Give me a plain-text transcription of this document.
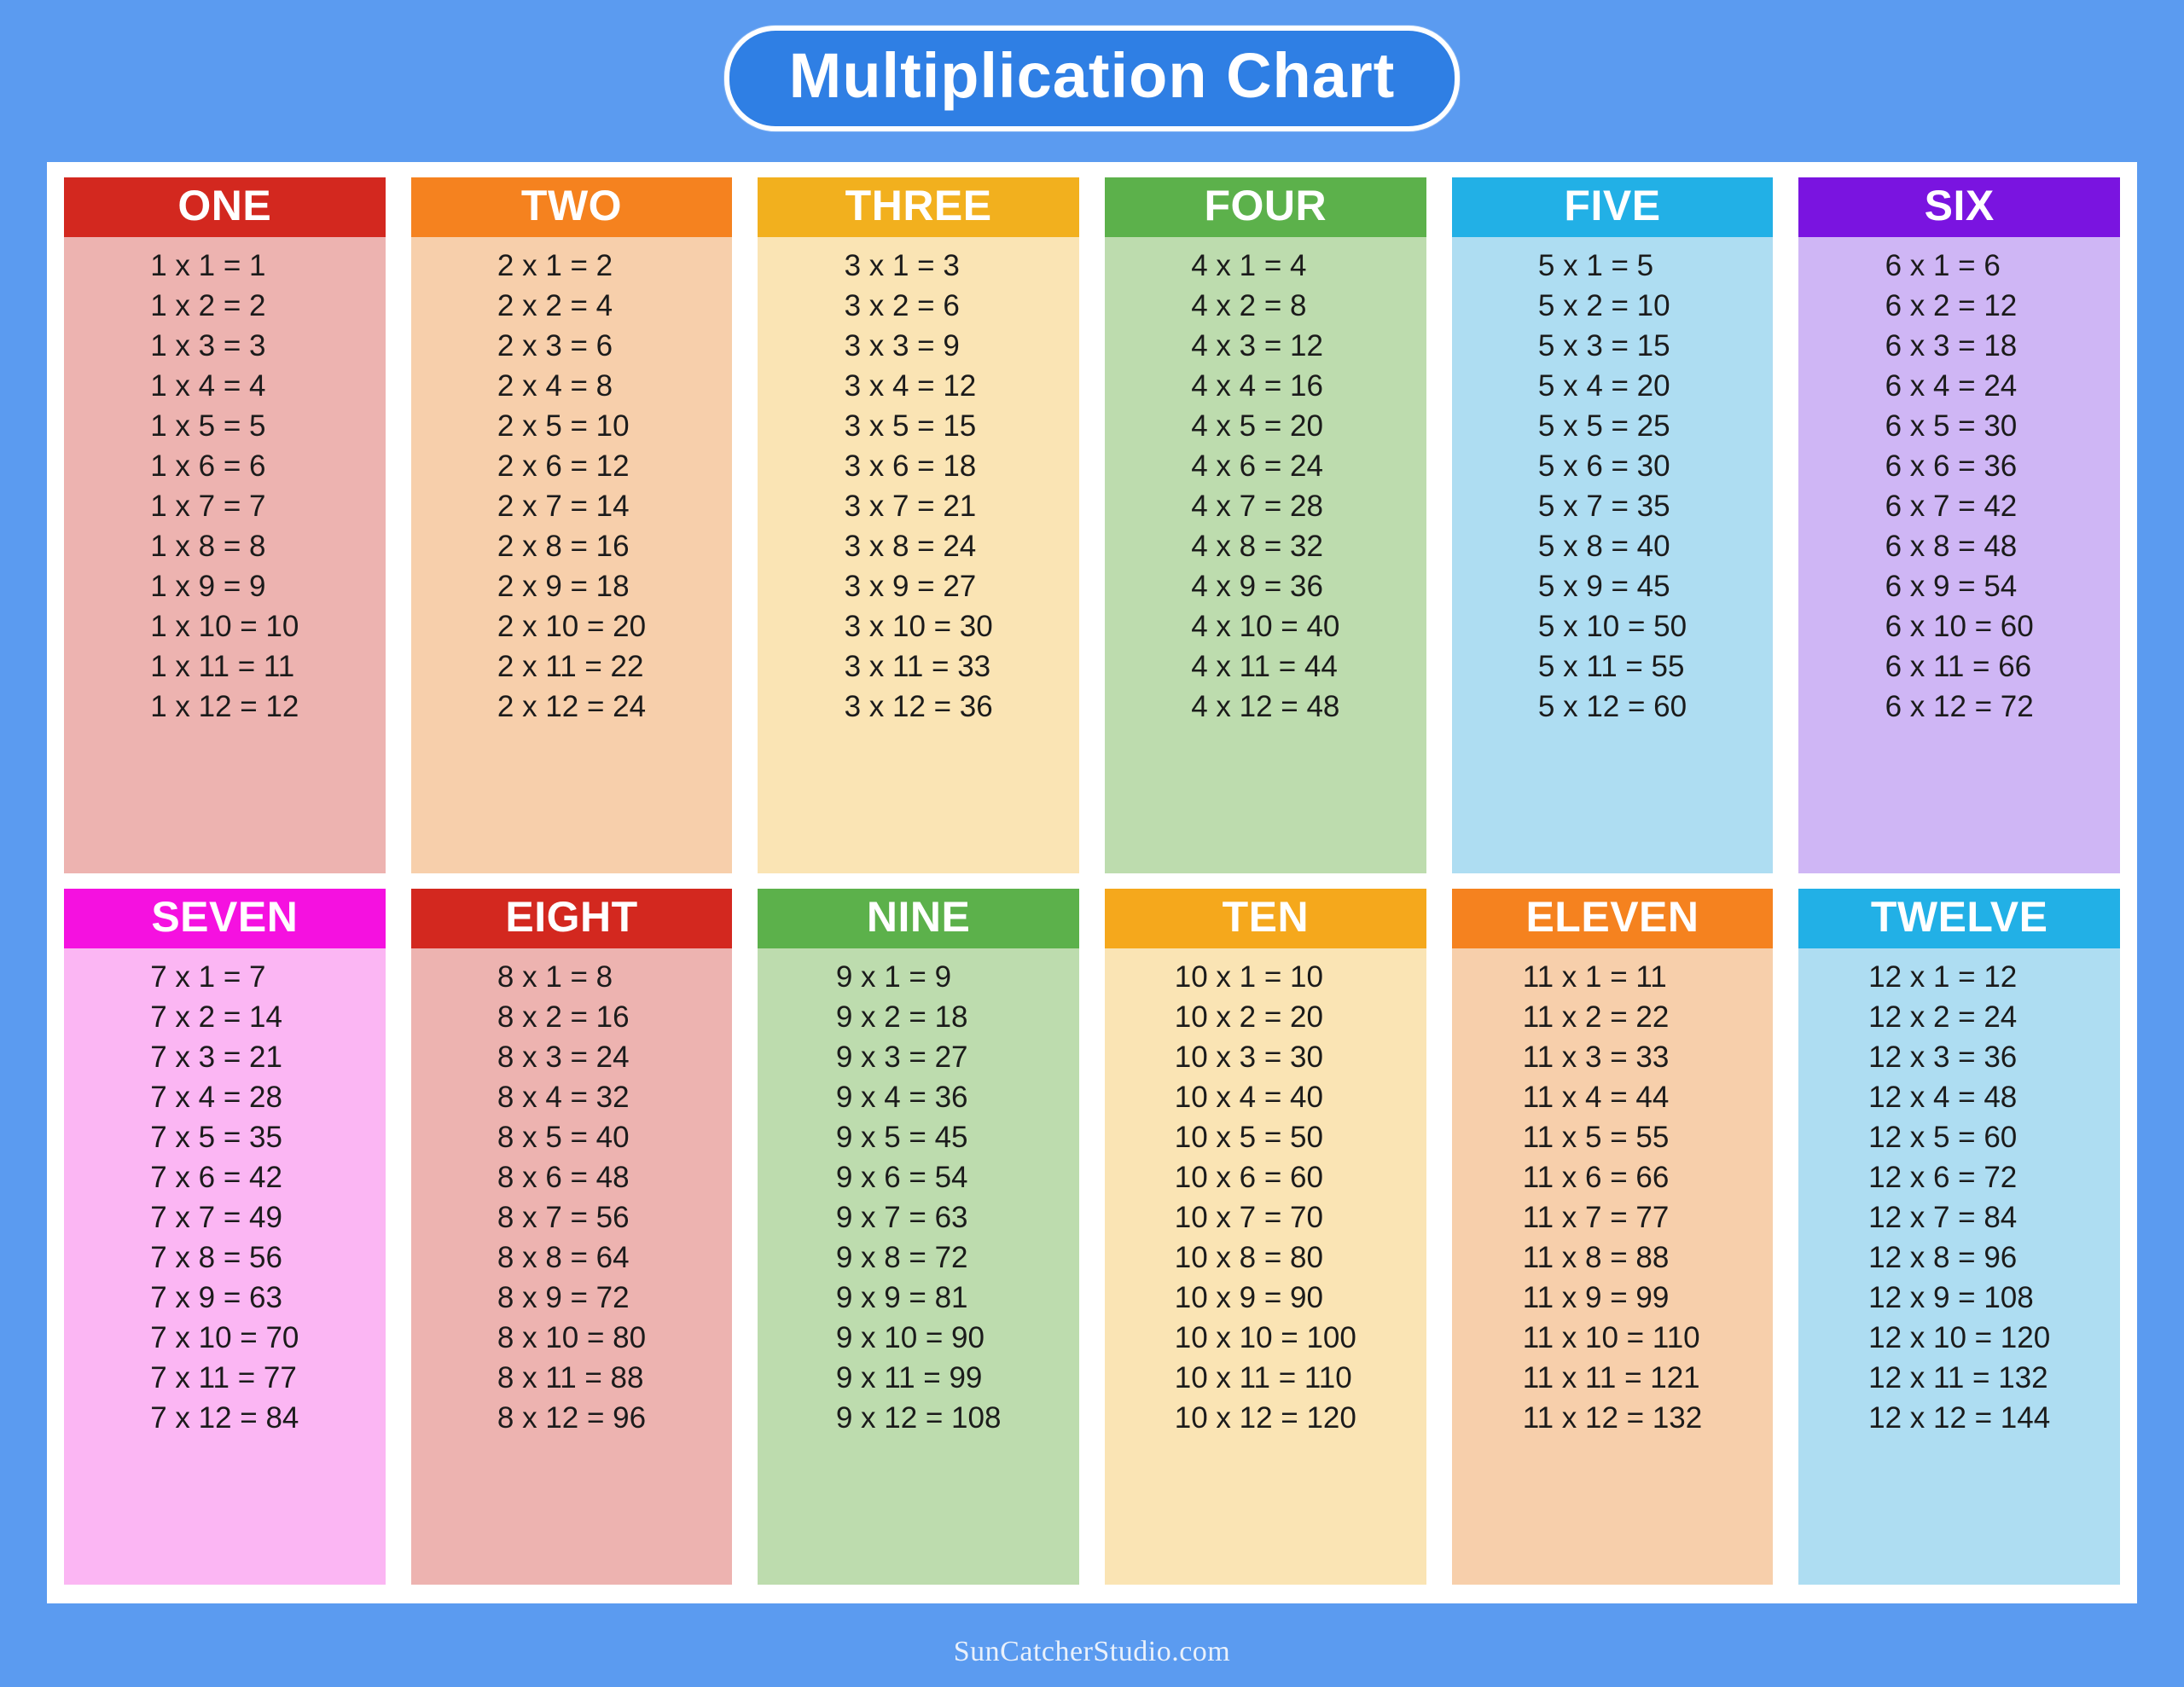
Multiplication Chart
ONE
1 x 1 = 1
1 x 2 = 2
1 x 3 = 3
1 x 4 = 4
1 x 5 = 5
1 x 6 = 6
1 x 7 = 7
1 x 8 = 8
1 x 9 = 9
1 x 10 = 10
1 x 11 = 11
1 x 12 = 12
TWO
2 x 1 = 2
2 x 2 = 4
2 x 3 = 6
2 x 4 = 8
2 x 5 = 10
2 x 6 = 12
2 x 7 = 14
2 x 8 = 16
2 x 9 = 18
2 x 10 = 20
2 x 11 = 22
2 x 12 = 24
THREE
3 x 1 = 3
3 x 2 = 6
3 x 3 = 9
3 x 4 = 12
3 x 5 = 15
3 x 6 = 18
3 x 7 = 21
3 x 8 = 24
3 x 9 = 27
3 x 10 = 30
3 x 11 = 33
3 x 12 = 36
FOUR
4 x 1 = 4
4 x 2 = 8
4 x 3 = 12
4 x 4 = 16
4 x 5 = 20
4 x 6 = 24
4 x 7 = 28
4 x 8 = 32
4 x 9 = 36
4 x 10 = 40
4 x 11 = 44
4 x 12 = 48
FIVE
5 x 1 = 5
5 x 2 = 10
5 x 3 = 15
5 x 4 = 20
5 x 5 = 25
5 x 6 = 30
5 x 7 = 35
5 x 8 = 40
5 x 9 = 45
5 x 10 = 50
5 x 11 = 55
5 x 12 = 60
SIX
6 x 1 = 6
6 x 2 = 12
6 x 3 = 18
6 x 4 = 24
6 x 5 = 30
6 x 6 = 36
6 x 7 = 42
6 x 8 = 48
6 x 9 = 54
6 x 10 = 60
6 x 11 = 66
6 x 12 = 72
SEVEN
7 x 1 = 7
7 x 2 = 14
7 x 3 = 21
7 x 4 = 28
7 x 5 = 35
7 x 6 = 42
7 x 7 = 49
7 x 8 = 56
7 x 9 = 63
7 x 10 = 70
7 x 11 = 77
7 x 12 = 84
EIGHT
8 x 1 = 8
8 x 2 = 16
8 x 3 = 24
8 x 4 = 32
8 x 5 = 40
8 x 6 = 48
8 x 7 = 56
8 x 8 = 64
8 x 9 = 72
8 x 10 = 80
8 x 11 = 88
8 x 12 = 96
NINE
9 x 1 = 9
9 x 2 = 18
9 x 3 = 27
9 x 4 = 36
9 x 5 = 45
9 x 6 = 54
9 x 7 = 63
9 x 8 = 72
9 x 9 = 81
9 x 10 = 90
9 x 11 = 99
9 x 12 = 108
TEN
10 x 1 = 10
10 x 2 = 20
10 x 3 = 30
10 x 4 = 40
10 x 5 = 50
10 x 6 = 60
10 x 7 = 70
10 x 8 = 80
10 x 9 = 90
10 x 10 = 100
10 x 11 = 110
10 x 12 = 120
ELEVEN
11 x 1 = 11
11 x 2 = 22
11 x 3 = 33
11 x 4 = 44
11 x 5 = 55
11 x 6 = 66
11 x 7 = 77
11 x 8 = 88
11 x 9 = 99
11 x 10 = 110
11 x 11 = 121
11 x 12 = 132
TWELVE
12 x 1 = 12
12 x 2 = 24
12 x 3 = 36
12 x 4 = 48
12 x 5 = 60
12 x 6 = 72
12 x 7 = 84
12 x 8 = 96
12 x 9 = 108
12 x 10 = 120
12 x 11 = 132
12 x 12 = 144
SunCatcherStudio.com
